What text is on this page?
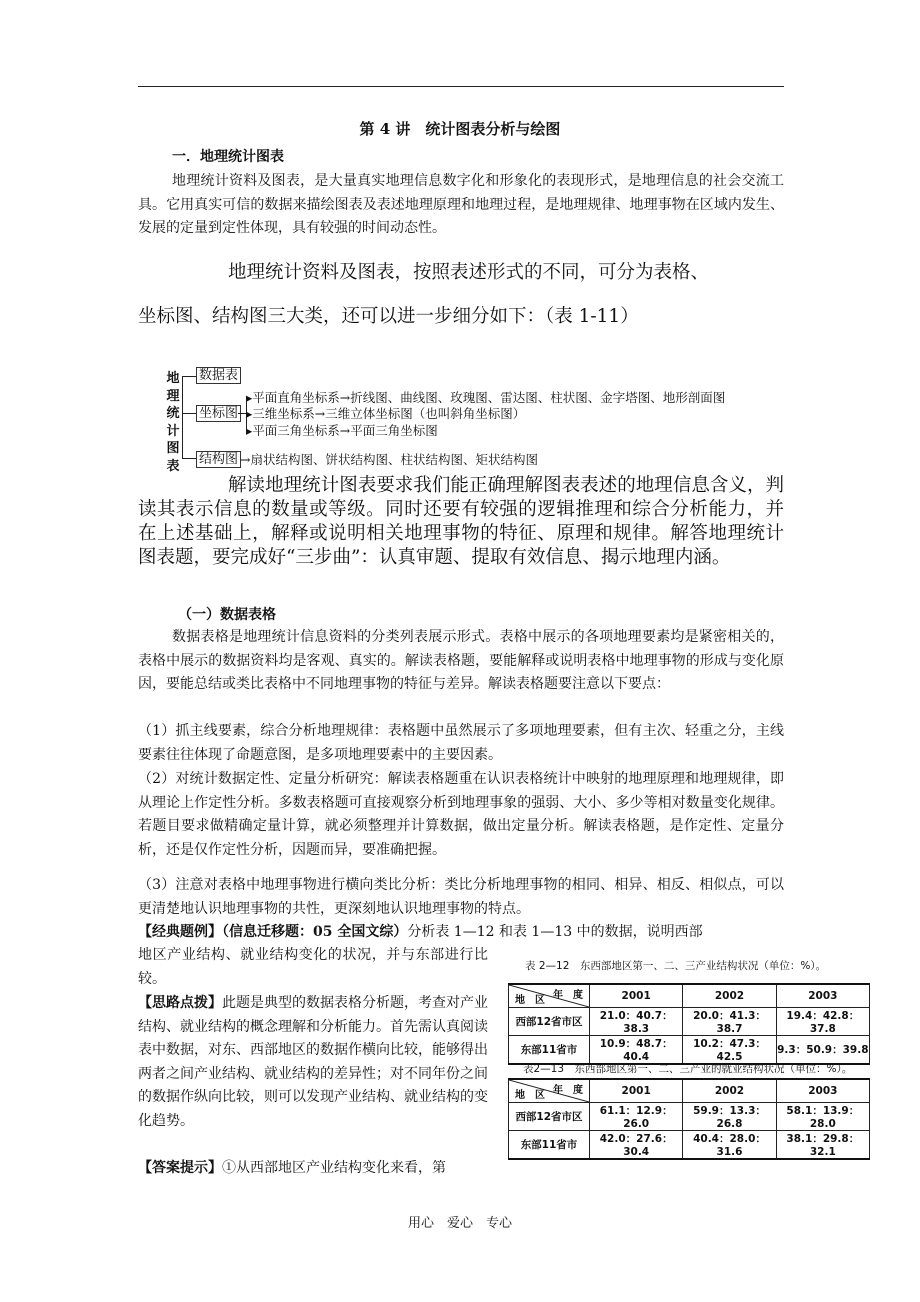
第 4 讲　统计图表分析与绘图
一．地理统计图表
地理统计资料及图表，是大量真实地理信息数字化和形象化的表现形式，是地理信息的社会交流工具。它用真实可信的数据来描绘图表及表述地理原理和地理过程，是地理规律、地理事物在区域内发生、发展的定量到定性体现，具有较强的时间动态性。
地理统计资料及图表，按照表述形式的不同，可分为表格、
坐标图、结构图三大类，还可以进一步细分如下：（表 1-11）
地
理
统
计
图
表
数据表
坐标图
结构图
▸平面直角坐标系→折线图、曲线图、玫瑰图、雷达图、柱状图、金字塔图、地形剖面图
▸三维坐标系→三维立体坐标图（也叫斜角坐标图）
▸平面三角坐标系→平面三角坐标图
→扇状结构图、饼状结构图、柱状结构图、矩状结构图
解读地理统计图表要求我们能正确理解图表表述的地理信息含义，判读其表示信息的数量或等级。同时还要有较强的逻辑推理和综合分析能力，并在上述基础上，解释或说明相关地理事物的特征、原理和规律。解答地理统计图表题，要完成好“三步曲”：认真审题、提取有效信息、揭示地理内涵。
（一）数据表格
数据表格是地理统计信息资料的分类列表展示形式。表格中展示的各项地理要素均是紧密相关的，表格中展示的数据资料均是客观、真实的。解读表格题，要能解释或说明表格中地理事物的形成与变化原因，要能总结或类比表格中不同地理事物的特征与差异。解读表格题要注意以下要点：
（1）抓主线要素，综合分析地理规律：表格题中虽然展示了多项地理要素，但有主次、轻重之分，主线要素往往体现了命题意图，是多项地理要素中的主要因素。
（2）对统计数据定性、定量分析研究：解读表格题重在认识表格统计中映射的地理原理和地理规律，即从理论上作定性分析。多数表格题可直接观察分析到地理事象的强弱、大小、多少等相对数量变化规律。若题目要求做精确定量计算，就必须整理并计算数据，做出定量分析。解读表格题，是作定性、定量分析，还是仅作定性分析，因题而异，要准确把握。
（3）注意对表格中地理事物进行横向类比分析：类比分析地理事物的相同、相异、相反、相似点，可以更清楚地认识地理事物的共性，更深刻地认识地理事物的特点。
【经典题例】（信息迁移题：05 全国文综）分析表 1—12 和表 1—13 中的数据，说明西部
地区产业结构、就业结构变化的状况，并与东部进行比较。
【思路点拨】此题是典型的数据表格分析题，考查对产业结构、就业结构的概念理解和分析能力。首先需认真阅读表中数据，对东、西部地区的数据作横向比较，能够得出两者之间产业结构、就业结构的差异性；对不同年份之间的数据作纵向比较，则可以发现产业结构、就业结构的变化趋势。
【答案提示】①从西部地区产业结构变化来看，第
表 2—12　东西部地区第一、二、三产业结构状况（单位：%）。
年　度
地　区	2001	2002	2003
西部12省市区	21.0：40.7：38.3	20.0：41.3：38.7	19.4：42.8：37.8
东部11省市	10.9：48.7：40.4	10.2：47.3：42.5	9.3：50.9：39.8
表2—13　东西部地区第一、二、三产业的就业结构状况（单位：%）。
年　度
地　区	2001	2002	2003
西部12省市区	61.1：12.9：26.0	59.9：13.3：26.8	58.1：13.9：28.0
东部11省市	42.0：27.6：30.4	40.4：28.0：31.6	38.1：29.8：32.1
用心　爱心　专心
